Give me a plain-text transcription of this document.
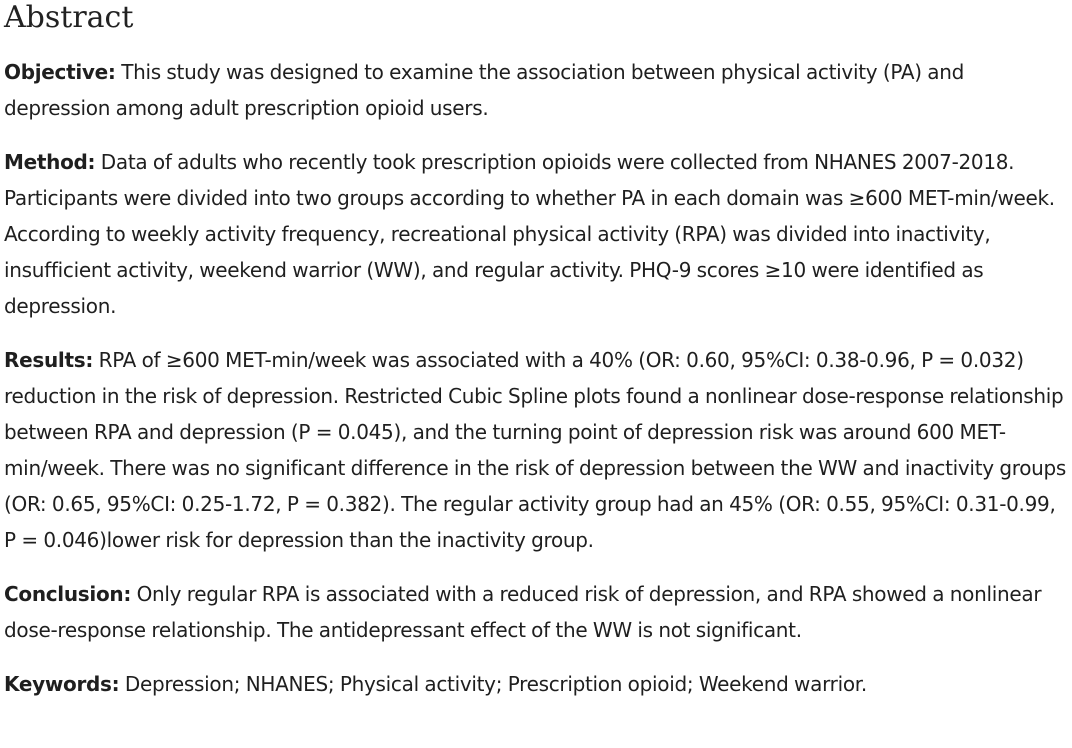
Abstract

Objective: This study was designed to examine the association between physical activity (PA) and depression among adult prescription opioid users.

Method: Data of adults who recently took prescription opioids were collected from NHANES 2007-2018. Participants were divided into two groups according to whether PA in each domain was ≥600 MET-min/week. According to weekly activity frequency, recreational physical activity (RPA) was divided into inactivity, insufficient activity, weekend warrior (WW), and regular activity. PHQ-9 scores ≥10 were identified as depression.

Results: RPA of ≥600 MET-min/week was associated with a 40% (OR: 0.60, 95%CI: 0.38-0.96, P = 0.032) reduction in the risk of depression. Restricted Cubic Spline plots found a nonlinear dose-response relationship between RPA and depression (P = 0.045), and the turning point of depression risk was around 600 MET-min/week. There was no significant difference in the risk of depression between the WW and inactivity groups (OR: 0.65, 95%CI: 0.25-1.72, P = 0.382). The regular activity group had an 45% (OR: 0.55, 95%CI: 0.31-0.99, P = 0.046)lower risk for depression than the inactivity group.

Conclusion: Only regular RPA is associated with a reduced risk of depression, and RPA showed a nonlinear dose-response relationship. The antidepressant effect of the WW is not significant.

Keywords: Depression; NHANES; Physical activity; Prescription opioid; Weekend warrior.
